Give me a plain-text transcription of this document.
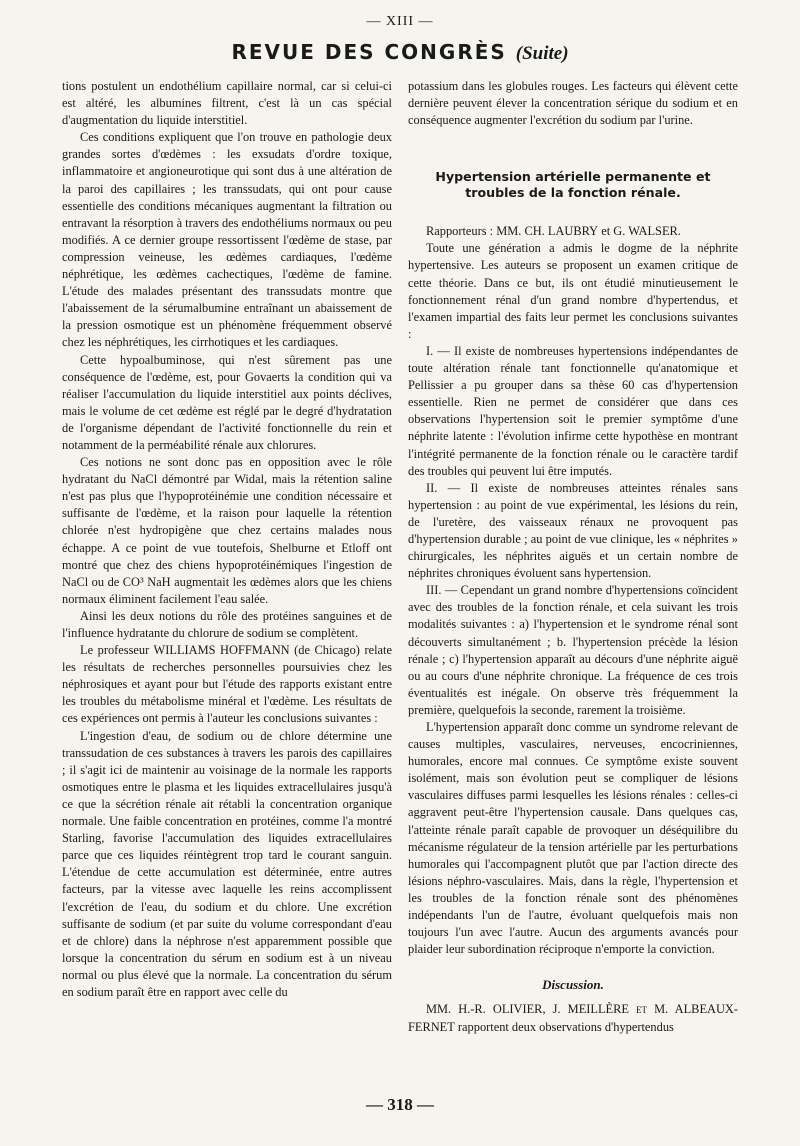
— XIII —
REVUE DES CONGRÈS (Suite)

tions postulent un endothélium capillaire normal, car si celui-ci est altéré, les albumines filtrent, c'est là un cas spécial d'augmentation du liquide interstitiel.

Ces conditions expliquent que l'on trouve en pathologie deux grandes sortes d'œdèmes : les exsudats d'ordre toxique, inflammatoire et angioneurotique qui sont dus à une altération de la paroi des capillaires ; les transsudats, qui ont pour cause essentielle des conditions mécaniques augmentant la filtration ou entravant la résorption à travers des endothéliums normaux ou peu modifiés. A ce dernier groupe ressortissent l'œdème de stase, par compression veineuse, les œdèmes cardiaques, l'œdème néphrétique, les œdèmes cachectiques, l'œdème de famine. L'étude des malades présentant des transsudats montre que l'abaissement de la sérumalbumine entraînant un abaissement de la pression osmotique est un phénomène fréquemment observé chez les néphrétiques, les cirrhotiques et les cardiaques.

Cette hypoalbuminose, qui n'est sûrement pas une conséquence de l'œdème, est, pour Govaerts la condition qui va réaliser l'accumulation du liquide interstitiel aux points déclives, mais le volume de cet œdème est réglé par le degré d'hydratation de l'organisme dépendant de l'activité fonctionnelle du rein et notamment de la perméabilité rénale aux chlorures.

Ces notions ne sont donc pas en opposition avec le rôle hydratant du NaCl démontré par Widal, mais la rétention saline n'est pas plus que l'hypoprotéinémie une condition nécessaire et suffisante de l'œdème, et la raison pour laquelle la rétention chlorée n'est hydropigène que chez certains malades nous échappe. A ce point de vue toutefois, Shelburne et Etloff ont montré que chez des chiens hypoprotéinémiques l'ingestion de NaCl ou de CO³ NaH augmentait les œdèmes alors que les chiens normaux éliminent facilement l'eau salée.

Ainsi les deux notions du rôle des protéines sanguines et de l'influence hydratante du chlorure de sodium se complètent.

Le professeur WILLIAMS HOFFMANN (de Chicago) relate les résultats de recherches personnelles poursuivies chez les néphrosiques et ayant pour but l'étude des rapports existant entre les troubles du métabolisme minéral et l'œdème. Les résultats de ces expériences ont permis à l'auteur les conclusions suivantes :

L'ingestion d'eau, de sodium ou de chlore détermine une transsudation de ces substances à travers les parois des capillaires ; il s'agit ici de maintenir au voisinage de la normale les rapports osmotiques entre le plasma et les liquides extracellulaires jusqu'à ce que la sécrétion rénale ait rétabli la concentration organique normale. Une faible concentration en protéines, comme l'a montré Starling, favorise l'accumulation des liquides extracellulaires parce que ces liquides réintègrent trop tard le courant sanguin. L'étendue de cette accumulation est déterminée, entre autres facteurs, par la vitesse avec laquelle les reins accomplissent l'excrétion de l'eau, du sodium et du chlore. Une excrétion suffisante de sodium (et par suite du volume correspondant d'eau et de chlore) dans la néphrose n'est apparemment possible que lorsque la concentration du sérum en sodium est à un niveau normal ou plus élevé que la normale. La concentration du sérum en sodium paraît être en rapport avec celle du

potassium dans les globules rouges. Les facteurs qui élèvent cette dernière peuvent élever la concentration sérique du sodium et en conséquence augmenter l'excrétion du sodium par l'urine.

Hypertension artérielle permanente et troubles de la fonction rénale.

Rapporteurs : MM. CH. LAUBRY et G. WALSER.

Toute une génération a admis le dogme de la néphrite hypertensive. Les auteurs se proposent un examen critique de cette théorie. Dans ce but, ils ont étudié minutieusement le fonctionnement rénal d'un grand nombre d'hypertendus, et l'examen impartial des faits leur permet les conclusions suivantes :

I. — Il existe de nombreuses hypertensions indépendantes de toute altération rénale tant fonctionnelle qu'anatomique et Pellissier a pu grouper dans sa thèse 60 cas d'hypertension essentielle. Rien ne permet de considérer que dans ces observations l'hypertension soit le premier symptôme d'une néphrite latente : l'évolution infirme cette hypothèse en montrant l'intégrité permanente de la fonction rénale ou le caractère tardif des troubles qui peuvent lui être imputés.

II. — Il existe de nombreuses atteintes rénales sans hypertension : au point de vue expérimental, les lésions du rein, de l'uretère, des vaisseaux rénaux ne provoquent pas d'hypertension durable ; au point de vue clinique, les « néphrites » chirurgicales, les néphrites aiguës et un certain nombre de néphrites chroniques évoluent sans hypertension.

III. — Cependant un grand nombre d'hypertensions coïncident avec des troubles de la fonction rénale, et cela suivant les trois modalités suivantes : a) l'hypertension et le syndrome rénal sont découverts simultanément ; b. l'hypertension précède la lésion rénale ; c) l'hypertension apparaît au décours d'une néphrite aiguë ou au cours d'une néphrite chronique. La fréquence de ces trois éventualités est inégale. On observe très fréquemment la première, quelquefois la seconde, rarement la troisième.

L'hypertension apparaît donc comme un syndrome relevant de causes multiples, vasculaires, nerveuses, encocriniennes, humorales, encore mal connues. Ce symptôme existe souvent isolément, mais son évolution peut se compliquer de lésions vasculaires diffuses parmi lesquelles les lésions rénales : celles-ci aggravent peut-être l'hypertension causale. Dans quelques cas, l'atteinte rénale paraît capable de provoquer un déséquilibre du mécanisme régulateur de la tension artérielle par les perturbations humorales qui l'accompagnent plutôt que par l'action directe des lésions néphro-vasculaires. Mais, dans la règle, l'hypertension et les troubles de la fonction rénale sont des phénomènes indépendants l'un de l'autre, évoluant quelquefois mais non toujours l'un avec l'autre. Aucun des arguments avancés pour plaider leur subordination réciproque n'emporte la conviction.

Discussion.

MM. H.-R. OLIVIER, J. MEILLÈRE et M. ALBEAUX-FERNET rapportent deux observations d'hypertendus

— 318 —
